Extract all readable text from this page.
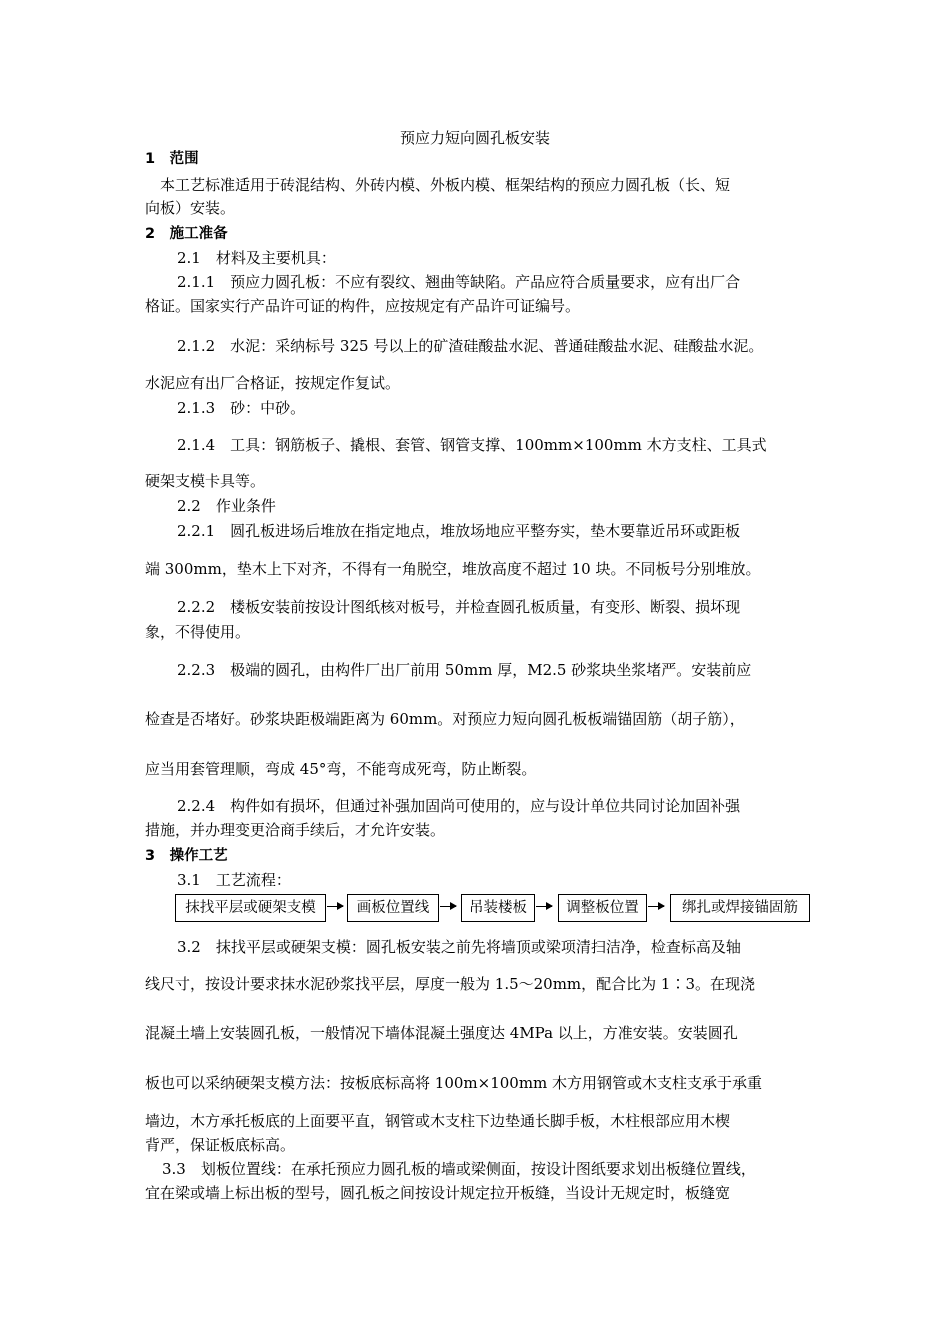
预应力短向圆孔板安装
1　范围
本工艺标准适用于砖混结构、外砖内模、外板内模、框架结构的预应力圆孔板（长、短
向板）安装。
2　施工准备
2.1　材料及主要机具：
2.1.1　预应力圆孔板：不应有裂纹、翘曲等缺陷。产品应符合质量要求，应有出厂合
格证。国家实行产品许可证的构件，应按规定有产品许可证编号。
2.1.2　水泥：采纳标号 325 号以上的矿渣硅酸盐水泥、普通硅酸盐水泥、硅酸盐水泥。
水泥应有出厂合格证，按规定作复试。
2.1.3　砂：中砂。
2.1.4　工具：钢筋板子、撬根、套管、钢管支撑、100mm×100mm 木方支柱、工具式
硬架支模卡具等。
2.2　作业条件
2.2.1　圆孔板进场后堆放在指定地点，堆放场地应平整夯实，垫木要靠近吊环或距板
端 300mm，垫木上下对齐，不得有一角脱空，堆放高度不超过 10 块。不同板号分别堆放。
2.2.2　楼板安装前按设计图纸核对板号，并检查圆孔板质量，有变形、断裂、损坏现
象，不得使用。
2.2.3　极端的圆孔，由构件厂出厂前用 50mm 厚，M2.5 砂浆块坐浆堵严。安装前应
检查是否堵好。砂浆块距极端距离为 60mm。对预应力短向圆孔板板端锚固筋（胡子筋），
应当用套管理顺，弯成 45°弯，不能弯成死弯，防止断裂。
2.2.4　构件如有损坏，但通过补强加固尚可使用的，应与设计单位共同讨论加固补强
措施，并办理变更洽商手续后，才允许安装。
3　操作工艺
3.1　工艺流程：
抹找平层或硬架支模	画板位置线	吊装楼板	调整板位置	绑扎或焊接锚固筋
3.2　抹找平层或硬架支模：圆孔板安装之前先将墙顶或梁项清扫洁净，检查标高及轴
线尺寸，按设计要求抹水泥砂浆找平层，厚度一般为 1.5～20mm，配合比为 1∶3。在现浇
混凝土墙上安装圆孔板，一般情况下墙体混凝土强度达 4MPa 以上，方准安装。安装圆孔
板也可以采纳硬架支模方法：按板底标高将 100m×100mm 木方用钢管或木支柱支承于承重
墙边，木方承托板底的上面要平直，钢管或木支柱下边垫通长脚手板，木柱根部应用木楔
背严，保证板底标高。
3.3　划板位置线：在承托预应力圆孔板的墙或梁侧面，按设计图纸要求划出板缝位置线，
宜在梁或墙上标出板的型号，圆孔板之间按设计规定拉开板缝，当设计无规定时，板缝宽
